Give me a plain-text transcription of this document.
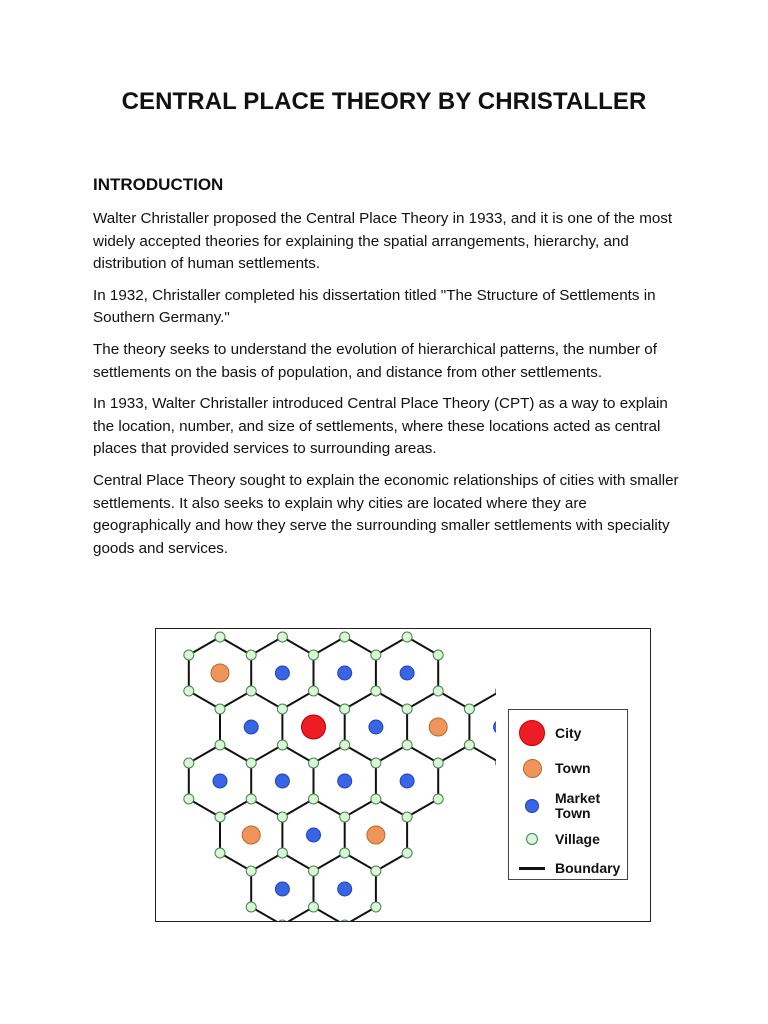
CENTRAL PLACE THEORY BY CHRISTALLER
INTRODUCTION

Walter Christaller proposed the Central Place Theory in 1933, and it is one of the most widely accepted theories for explaining the spatial arrangements, hierarchy, and distribution of human settlements.

In 1932, Christaller completed his dissertation titled "The Structure of Settlements in Southern Germany."

The theory seeks to understand the evolution of hierarchical patterns, the number of settlements on the basis of population, and distance from other settlements.

In 1933, Walter Christaller introduced Central Place Theory (CPT) as a way to explain the location, number, and size of settlements, where these locations acted as central places that provided services to surrounding areas.

Central Place Theory sought to explain the economic relationships of cities with smaller settlements. It also seeks to explain why cities are located where they are geographically and how they serve the surrounding smaller settlements with speciality goods and services.

City
Town
Market
Town
Village
Boundary
